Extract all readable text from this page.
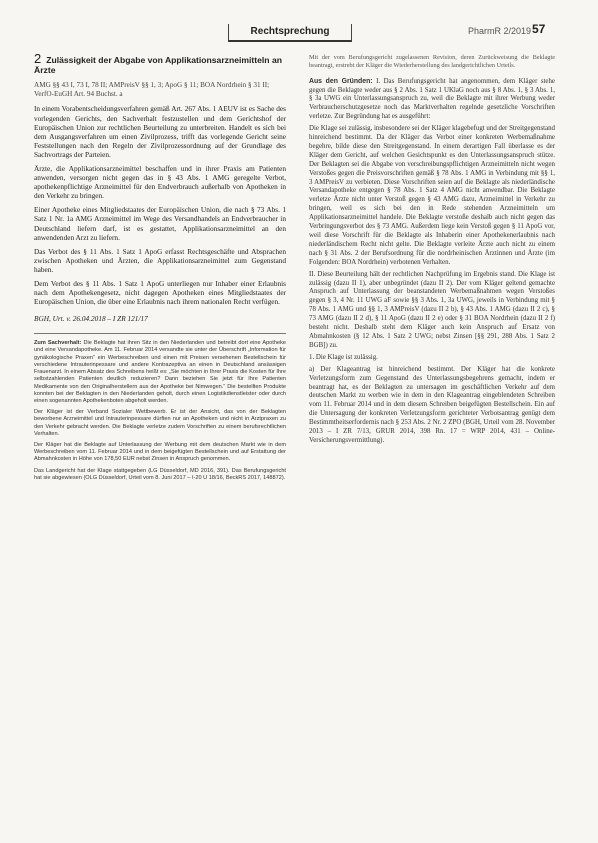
Rechtsprechung	PharmR 2/2019 57
2 Zulässigkeit der Abgabe von Applikationsarzneimitteln an Ärzte
AMG §§ 43 I, 73 I, 78 II; AMPreisV §§ 1, 3; ApoG § 11; BOA Nordrhein § 31 II; VerfO-EuGH Art. 94 Buchst. a
In einem Vorabentscheidungsverfahren gemäß Art. 267 Abs. 1 AEUV ist es Sache des vorlegenden Gerichts, den Sachverhalt festzustellen und dem Gerichtshof der Europäischen Union zur rechtlichen Beurteilung zu unterbreiten. Handelt es sich bei dem Ausgangsverfahren um einen Zivilprozess, trifft das vorlegende Gericht seine Feststellungen nach den Regeln der Zivilprozessordnung auf der Grundlage des Sachvortrags der Parteien.
Ärzte, die Applikationsarzneimittel beschaffen und in ihrer Praxis am Patienten anwenden, versorgen nicht gegen das in § 43 Abs. 1 AMG geregelte Verbot, apothekenpflichtige Arzneimittel für den Endverbrauch außerhalb von Apotheken in den Verkehr zu bringen.
Einer Apotheke eines Mitgliedstaates der Europäischen Union, die nach § 73 Abs. 1 Satz 1 Nr. 1a AMG Arzneimittel im Wege des Versandhandels an Endverbraucher in Deutschland liefern darf, ist es gestattet, Applikationsarzneimittel an den anwendenden Arzt zu liefern.
Das Verbot des § 11 Abs. 1 Satz 1 ApoG erfasst Rechtsgeschäfte und Absprachen zwischen Apotheken und Ärzten, die Applikationsarzneimittel zum Gegenstand haben.
Dem Verbot des § 11 Abs. 1 Satz 1 ApoG unterliegen nur Inhaber einer Erlaubnis nach dem Apothekengesetz, nicht dagegen Apotheken eines Mitgliedstaates der Europäischen Union, die über eine Erlaubnis nach ihrem nationalen Recht verfügen.
BGH, Urt. v. 26.04.2018 – I ZR 121/17
Zum Sachverhalt: Die Beklagte hat ihren Sitz in den Niederlanden und betreibt dort eine Apotheke und eine Versandapotheke. Am 11. Februar 2014 versandte sie unter der Überschrift „Information für gynäkologische Praxen“ ein Werbeschreiben und einen mit Preisen versehenen Bestellschein für verschiedene Intrauterinpessare und andere Kontrazeptiva an einen in Deutschland ansässigen Frauenarzt. In einem Absatz des Schreibens heißt es: „Sie möchten in Ihrer Praxis die Kosten für Ihre selbstzahlenden Patienten deutlich reduzieren? Dann beziehen Sie jetzt für Ihre Patienten Medikamente von den Originalherstellern aus der Apotheke bei Nimwegen.“ Die bestellten Produkte konnten bei der Beklagten in den Niederlanden geholt, durch einen Logistikdienstleister oder durch einen sogenannten Apothekenboten abgeholt werden.
Der Kläger ist der Verband Sozialer Wettbewerb. Er ist der Ansicht, das von der Beklagten beworbene Arzneimittel und Intrauterinpessare dürften nur an Apotheken und nicht in Arztpraxen zu den Verkehr gebracht werden. Die Beklagte verletze zudem Vorschriften zu einem berufsrechtlichen Verhalten.
Der Kläger hat die Beklagte auf Unterlassung der Werbung mit dem deutschen Markt wie in dem Werbeschreiben vom 11. Februar 2014 und in dem beigefügten Bestellschein und auf Erstattung der Abmahnkosten in Höhe von 178,50 EUR nebst Zinsen in Anspruch genommen.
Das Landgericht hat der Klage stattgegeben (LG Düsseldorf, MD 2016, 391). Das Berufungsgericht hat sie abgewiesen (OLG Düsseldorf, Urteil vom 8. Juni 2017 – I-20 U 18/16, BeckRS 2017, 148872).
Mit der vom Berufungsgericht zugelassenen Revision, deren Zurückweisung die Beklagte beantragt, erstrebt der Kläger die Wiederherstellung des landgerichtlichen Urteils.
Aus den Gründen: I. Das Berufungsgericht hat angenommen, dem Kläger stehe gegen die Beklagte weder aus § 2 Abs. 1 Satz 1 UKlaG noch aus § 8 Abs. 1, § 3 Abs. 1, § 3a UWG ein Unterlassungsanspruch zu, weil die Beklagte mit ihrer Werbung weder Verbraucherschutzgesetze noch das Marktverhalten regelnde gesetzliche Vorschriften verletze. Zur Begründung hat es ausgeführt:
Die Klage sei zulässig, insbesondere sei der Kläger klagebefugt und der Streitgegenstand hinreichend bestimmt. Da der Kläger das Verbot einer konkreten Werbemaßnahme begehre, bilde diese den Streitgegenstand. In einem derartigen Fall überlasse es der Kläger dem Gericht, auf welchen Gesichtspunkt es den Unterlassungsanspruch stütze. Der Beklagten sei die Abgabe von verschreibungspflichtigen Arzneimitteln nicht wegen Verstoßes gegen die Preisvorschriften gemäß § 78 Abs. 1 AMG in Verbindung mit §§ 1, 3 AMPreisV zu verbieten. Diese Vorschriften seien auf die Beklagte als niederländische Versandapotheke entgegen § 78 Abs. 1 Satz 4 AMG nicht anwendbar. Die Beklagte verletze Ärzte nicht unter Verstoß gegen § 43 AMG dazu, Arzneimittel in Verkehr zu bringen, weil es sich bei den in Rede stehenden Arzneimitteln um Applikationsarzneimittel handele. Die Beklagte verstoße deshalb auch nicht gegen das Verbringungsverbot des § 73 AMG. Außerdem liege kein Verstoß gegen § 11 ApoG vor, weil diese Vorschrift für die Beklagte als Inhaberin einer Apothekenerlaubnis nach niederländischem Recht nicht gelte. Die Beklagte verleite Ärzte auch nicht zu einem nach § 31 Abs. 2 der Berufsordnung für die nordrheinischen Ärztinnen und Ärzte (im Folgenden: BOA Nordrhein) verbotenen Verhalten.
II. Diese Beurteilung hält der rechtlichen Nachprüfung im Ergebnis stand. Die Klage ist zulässig (dazu II 1), aber unbegründet (dazu II 2). Der vom Kläger geltend gemachte Anspruch auf Unterlassung der beanstandeten Werbemaßnahmen wegen Verstoßes gegen § 3, 4 Nr. 11 UWG aF sowie §§ 3 Abs. 1, 3a UWG, jeweils in Verbindung mit § 78 Abs. 1 AMG und §§ 1, 3 AMPreisV (dazu II 2 b), § 43 Abs. 1 AMG (dazu II 2 c), § 73 AMG (dazu II 2 d), § 11 ApoG (dazu II 2 e) oder § 31 BOA Nordrhein (dazu II 2 f) besteht nicht. Deshalb steht dem Kläger auch kein Anspruch auf Ersatz von Abmahnkosten (§ 12 Abs. 1 Satz 2 UWG; nebst Zinsen [§§ 291, 288 Abs. 1 Satz 2 BGB]) zu.
1. Die Klage ist zulässig.
a) Der Klageantrag ist hinreichend bestimmt. Der Kläger hat die konkrete Verletzungsform zum Gegenstand des Unterlassungsbegehrens gemacht, indem er beantragt hat, es der Beklagten zu untersagen im geschäftlichen Verkehr auf dem deutschen Markt zu werben wie in dem in den Klageantrag eingeblendeten Schreiben vom 11. Februar 2014 und in dem diesem Schreiben beigefügten Bestellschein. Ein auf die Untersagung der konkreten Verletzungsform gerichteter Verbotsantrag genügt dem Bestimmtheitserfordernis nach § 253 Abs. 2 Nr. 2 ZPO (BGH, Urteil vom 28. November 2013 – I ZR 7/13, GRUR 2014, 398 Rn. 17 = WRP 2014, 431 – Online-Versicherungsvermittlung).
